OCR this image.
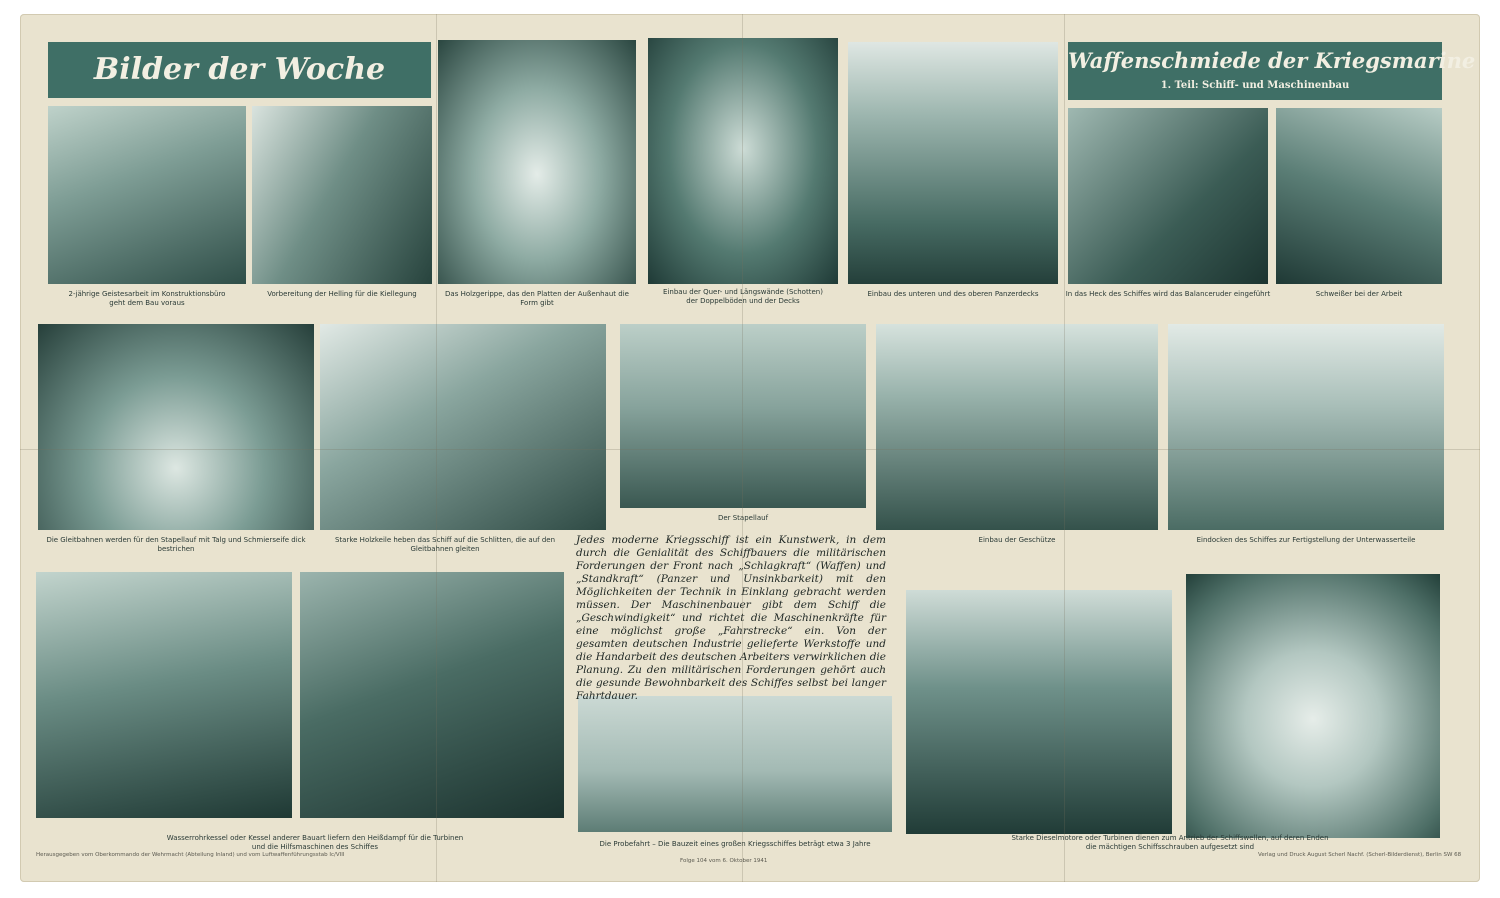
Bilder der Woche	Waffenschmiede der Kriegsmarine
1. Teil: Schiff- und Maschinenbau
2-jährige Geistesarbeit im Konstruktionsbüro
geht dem Bau voraus
Vorbereitung der Helling für die Kiellegung	Das Holzgerippe, das den Platten der Außenhaut die Form gibt
Einbau der Quer- und Längswände (Schotten)
der Doppelböden und der Decks
Einbau des unteren und des oberen Panzerdecks	In das Heck des Schiffes wird das Balanceruder eingeführt	Schweißer bei der Arbeit
Die Gleitbahnen werden für den Stapellauf mit Talg und Schmierseife dick bestrichen
Starke Holzkeile heben das Schiff auf die Schlitten, die auf den
Gleitbahnen gleiten
Der Stapellauf
Einbau der Geschütze	Eindocken des Schiffes zur Fertigstellung der Unterwasserteile
Jedes moderne Kriegsschiff ist ein Kunstwerk, in dem durch die Genialität des Schiffbauers die militärischen Forderungen der Front nach „Schlagkraft“ (Waffen) und „Standkraft“ (Panzer und Unsinkbarkeit) mit den Möglichkeiten der Technik in Einklang gebracht werden müssen. Der Maschinenbauer gibt dem Schiff die „Geschwindigkeit“ und richtet die Maschinenkräfte für eine möglichst große „Fahrstrecke“ ein. Von der gesamten deutschen Industrie gelieferte Werkstoffe und die Handarbeit des deutschen Arbeiters verwirklichen die Planung. Zu den militärischen Forderungen gehört auch die gesunde Bewohnbarkeit des Schiffes selbst bei langer Fahrtdauer.
Wasserrohrkessel oder Kessel anderer Bauart liefern den Heißdampf für die Turbinen
und die Hilfsmaschinen des Schiffes	Die Probefahrt – Die Bauzeit eines großen Kriegsschiffes beträgt etwa 3 Jahre
Starke Dieselmotore oder Turbinen dienen zum Antrieb der Schiffswellen, auf deren Enden
die mächtigen Schiffsschrauben aufgesetzt sind
Herausgegeben vom Oberkommando der Wehrmacht (Abteilung Inland) und vom Luftwaffenführungsstab Ic/VIII
Folge 104 vom 6. Oktober 1941
Verlag und Druck August Scherl Nachf. (Scherl-Bilderdienst), Berlin SW 68
